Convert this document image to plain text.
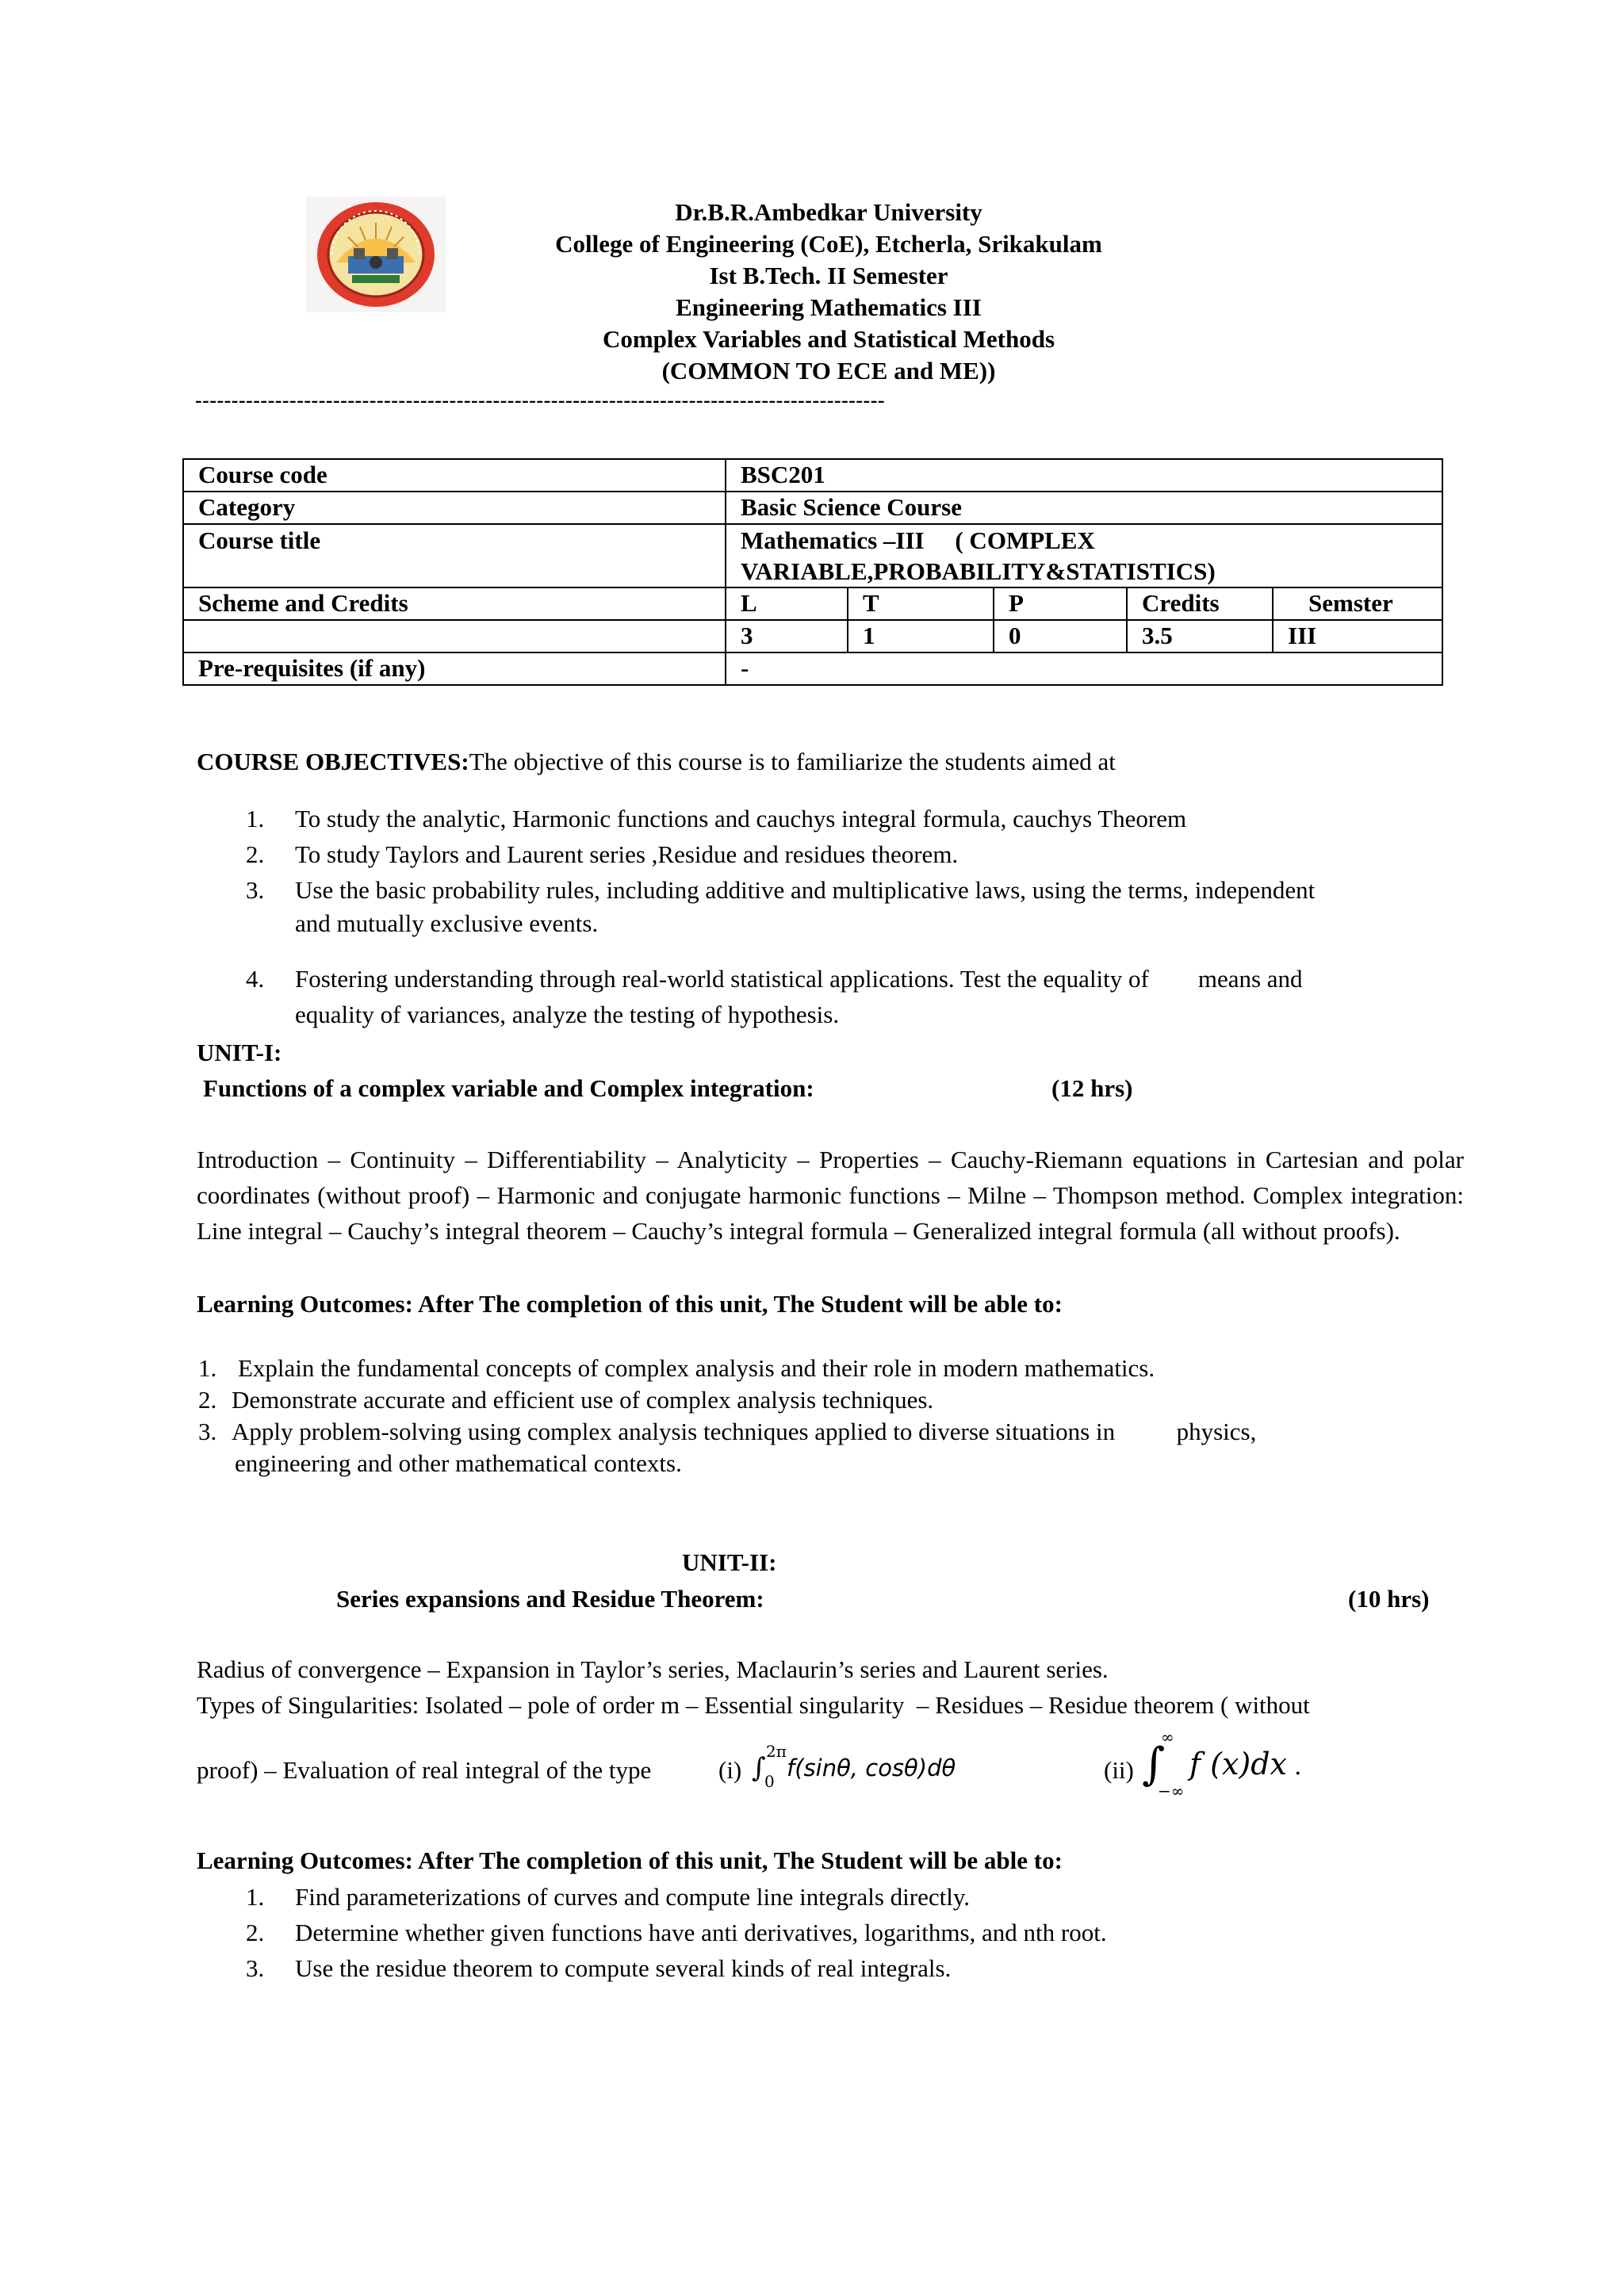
Dr.B.R.Ambedkar University
College of Engineering (CoE), Etcherla, Srikakulam
Ist B.Tech. II Semester
Engineering Mathematics III
Complex Variables and Statistical Methods
(COMMON TO ECE and ME))
-----------------------------------------------------------------------------------------------
Course code	BSC201				
Category	Basic Science Course				
Course title	Mathematics –III     ( COMPLEX
VARIABLE,PROBABILITY&STATISTICS)				

Scheme and Credits	L	T	P	Credits	Semster
	3	1	0	3.5	III
Pre-requisites (if any)	-				
COURSE OBJECTIVES:The objective of this course is to familiarize the students aimed at
1. To study the analytic, Harmonic functions and cauchys integral formula, cauchys Theorem
2. To study Taylors and Laurent series ,Residue and residues theorem.
3. Use the basic probability rules, including additive and multiplicative laws, using the terms, independent
and mutually exclusive events.
4. Fostering understanding through real-world statistical applications. Test the equality of        means and
equality of variances, analyze the testing of hypothesis.
UNIT-I:
Functions of a complex variable and Complex integration:	(12 hrs)
Introduction – Continuity – Differentiability – Analyticity – Properties – Cauchy-Riemann equations in Cartesian and polar coordinates (without proof) – Harmonic and conjugate harmonic functions – Milne – Thompson method. Complex integration: Line integral – Cauchy’s integral theorem – Cauchy’s integral formula – Generalized integral formula (all without proofs).
Learning Outcomes: After The completion of this unit, The Student will be able to:
1. Explain the fundamental concepts of complex analysis and their role in modern mathematics.
2. Demonstrate accurate and efficient use of complex analysis techniques.
3. Apply problem-solving using complex analysis techniques applied to diverse situations in          physics,
engineering and other mathematical contexts.
UNIT-II:
Series expansions and Residue Theorem:	(10 hrs)
Radius of convergence – Expansion in Taylor’s series, Maclaurin’s series and Laurent series.
Types of Singularities: Isolated – pole of order m – Essential singularity  – Residues – Residue theorem ( without
proof) – Evaluation of real integral of the type	(i) ∫
2π
0 f(sinθ, cosθ)dθ	(ii) ∫
∞
−∞
f (x)dx .
Learning Outcomes: After The completion of this unit, The Student will be able to:
1. Find parameterizations of curves and compute line integrals directly.
2. Determine whether given functions have anti derivatives, logarithms, and nth root.
3. Use the residue theorem to compute several kinds of real integrals.
